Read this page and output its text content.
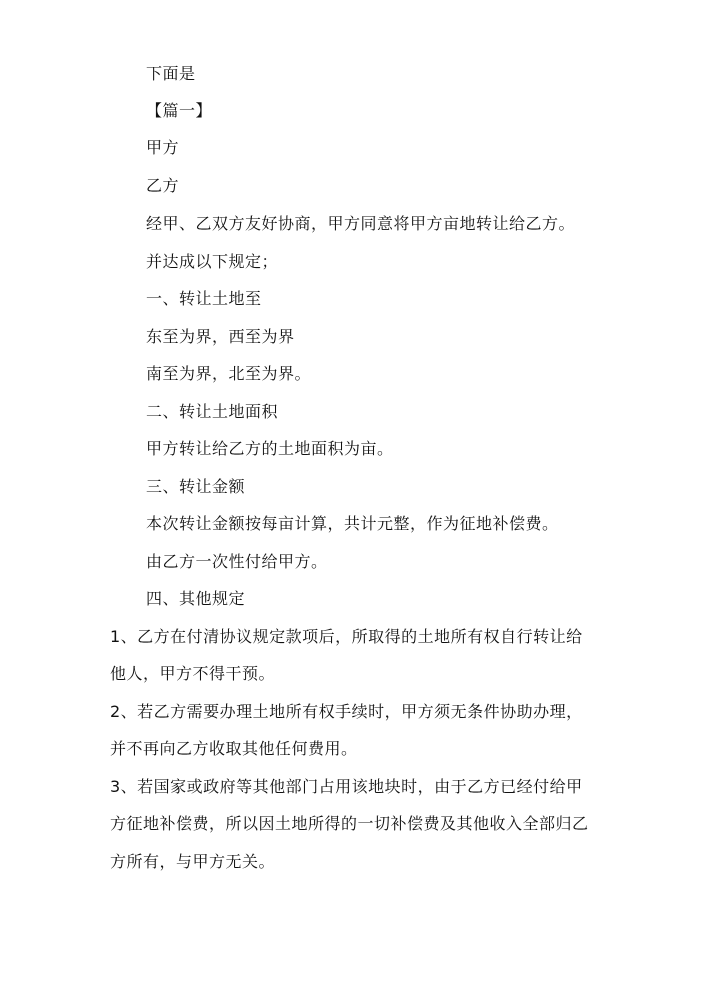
下面是
【篇一】
甲方
乙方
经甲、乙双方友好协商，甲方同意将甲方亩地转让给乙方。
并达成以下规定；
一、转让土地至
东至为界，西至为界
南至为界，北至为界。
二、转让土地面积
甲方转让给乙方的土地面积为亩。
三、转让金额
本次转让金额按每亩计算，共计元整，作为征地补偿费。
由乙方一次性付给甲方。
四、其他规定
1、乙方在付清协议规定款项后，所取得的土地所有权自行转让给
他人，甲方不得干预。
2、若乙方需要办理土地所有权手续时，甲方须无条件协助办理，
并不再向乙方收取其他任何费用。
3、若国家或政府等其他部门占用该地块时，由于乙方已经付给甲
方征地补偿费，所以因土地所得的一切补偿费及其他收入全部归乙
方所有，与甲方无关。
